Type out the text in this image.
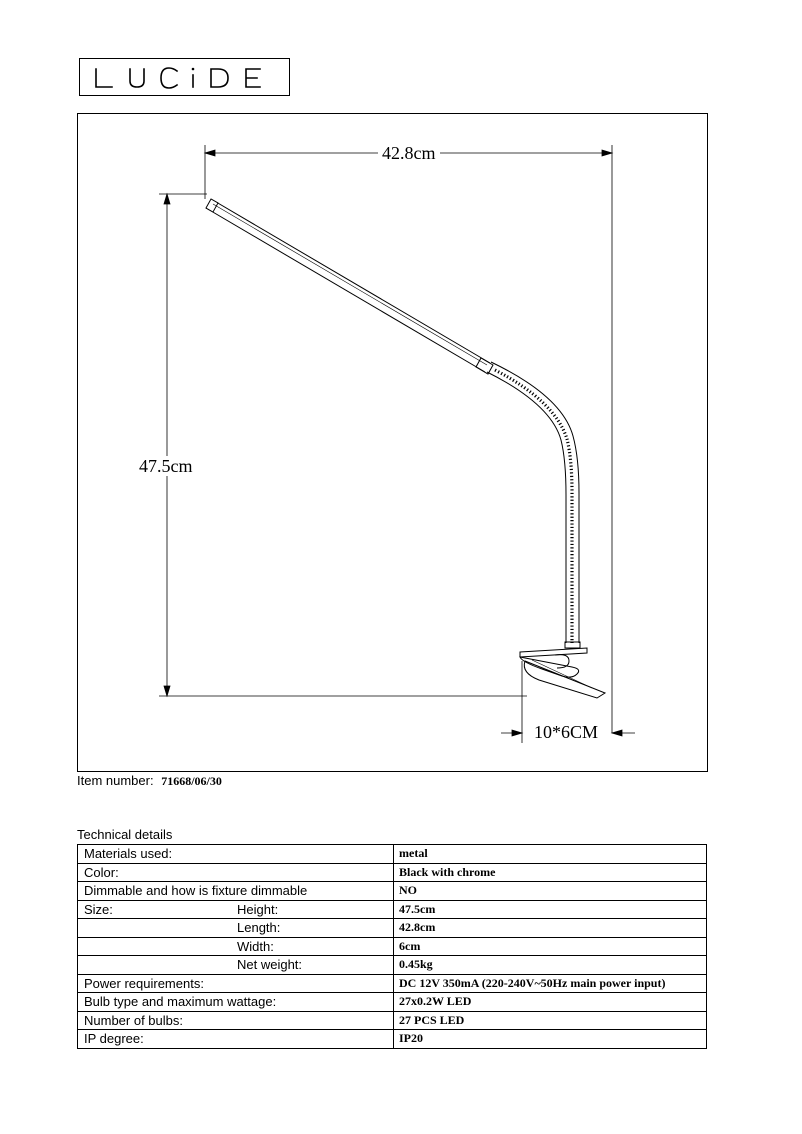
42.8cm
47.5cm
10*6CM
Item number: 71668/06/30
Technical details
Materials used:	metal
Color:	Black with chrome
Dimmable and how is fixture dimmable	NO

Size: Height:	47.5cm

Length:	42.8cm

Width:	6cm

Net weight:	0.45kg
Power requirements:	DC 12V 350mA (220-240V~50Hz main power input)
Bulb type and maximum wattage:	27x0.2W LED
Number of bulbs:	27 PCS LED
IP degree:	IP20
